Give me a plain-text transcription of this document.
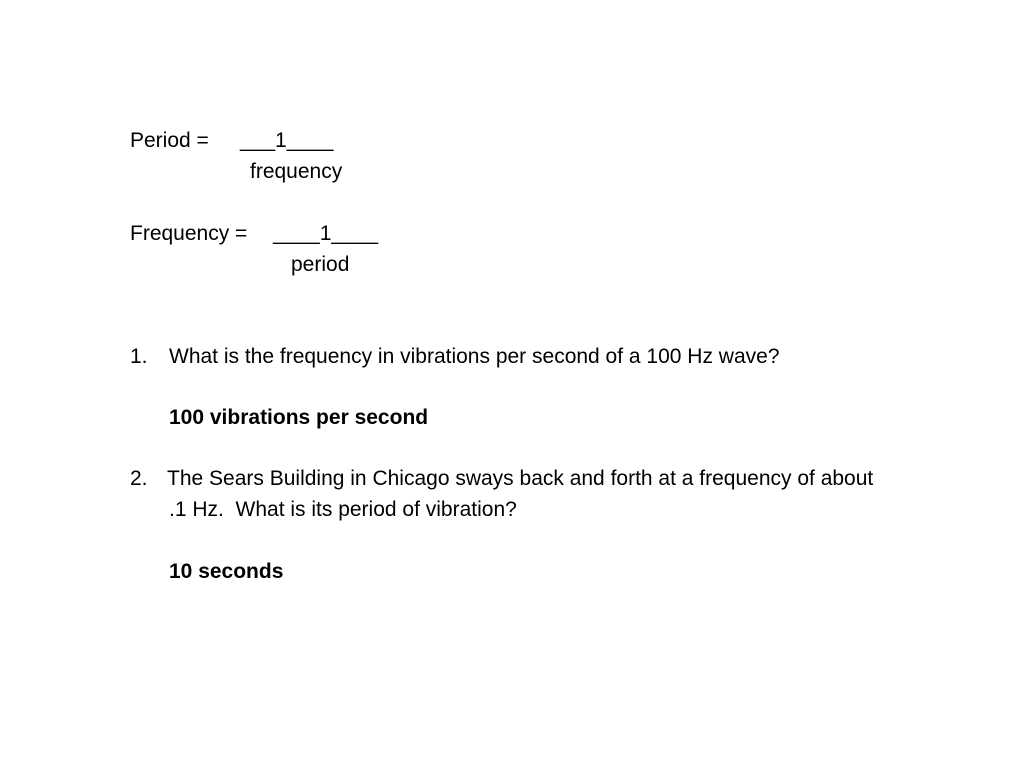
Period = ___1____
frequency
Frequency = ____1____
period
1. What is the frequency in vibrations per second of a 100 Hz wave?
100 vibrations per second
2. The Sears Building in Chicago sways back and forth at a frequency of about
.1 Hz.  What is its period of vibration?
10 seconds
